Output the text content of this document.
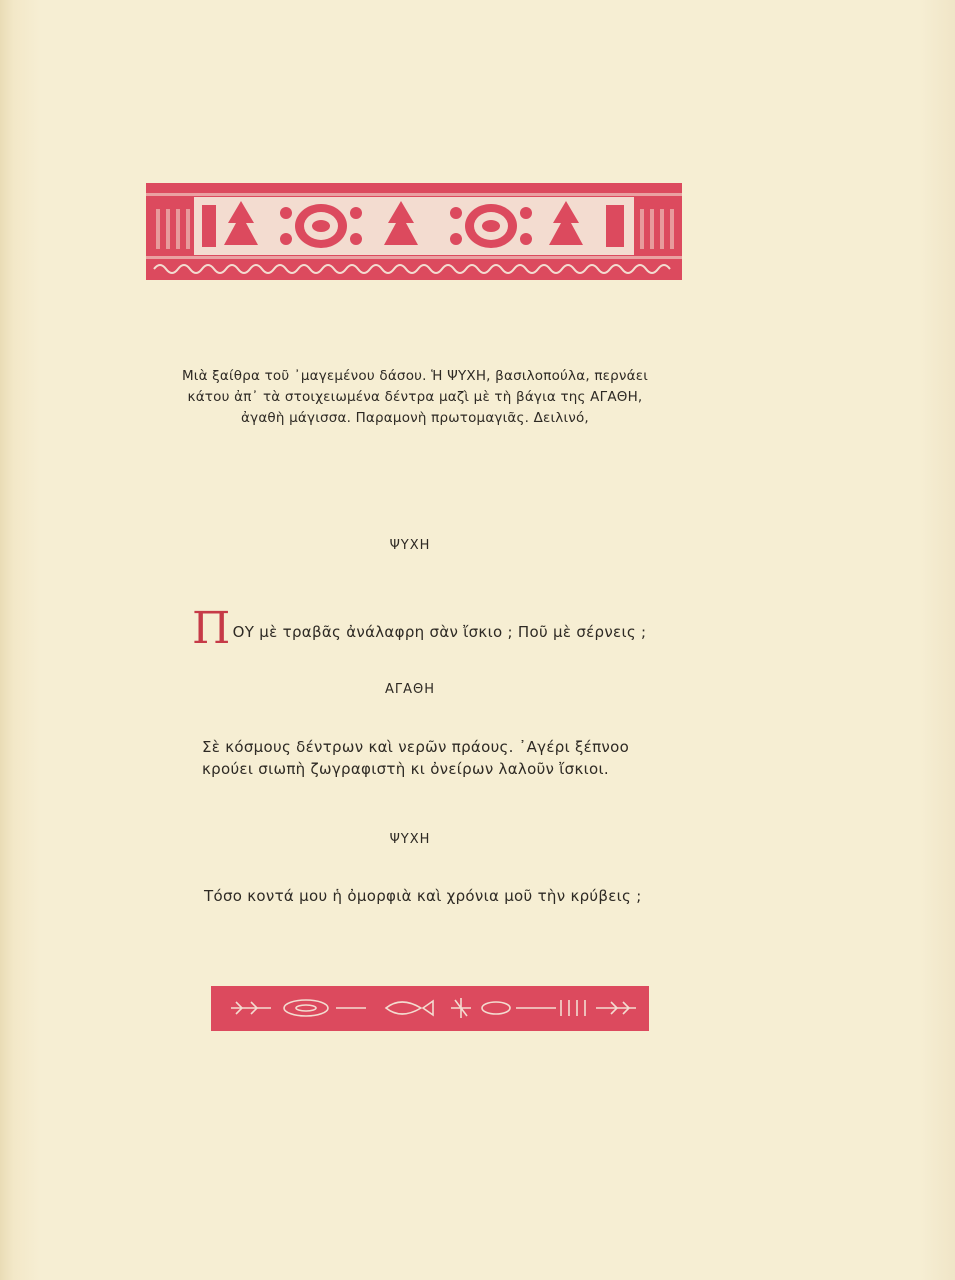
Μιὰ ξαίθρα τοῦ ᾽μαγεμένου δάσου. Ἡ ΨΥΧΗ, βασιλοπούλα, περνάει
κάτου ἀπ᾽ τὰ στοιχειωμένα δέντρα μαζὶ μὲ τὴ βάγια της ΑΓΑΘΗ,
ἀγαθὴ μάγισσα. Παραμονὴ πρωτομαγιᾶς. Δειλινό,
ΨΥΧΗ
ΠΟΥ μὲ τραβᾶς ἀνάλαφρη σὰν ἴσκιο ; Ποῦ μὲ σέρνεις ;
ΑΓΑΘΗ
Σὲ κόσμους δέντρων καὶ νερῶν πράους. ᾽Αγέρι ξέπνοο
κρούει σιωπὴ ζωγραφιστὴ κι ὀνείρων λαλοῦν ἴσκιοι.
ΨΥΧΗ
Τόσο κοντά μου ἡ ὀμορφιὰ καὶ χρόνια μοῦ τὴν κρύβεις ;
